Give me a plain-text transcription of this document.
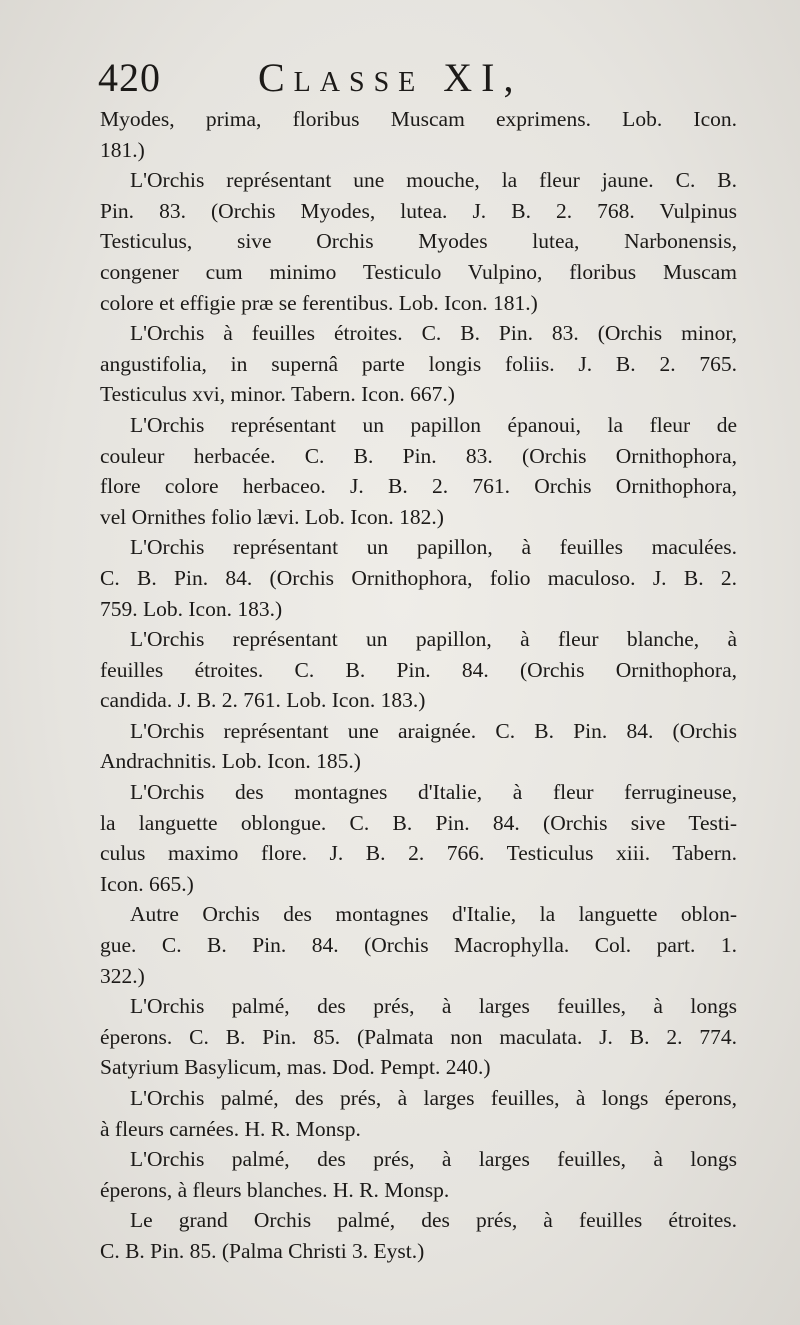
420 Classe XI,
Myodes, prima, floribus Muscam exprimens. Lob. Icon.
181.)
L'Orchis représentant une mouche, la fleur jaune. C. B.
Pin. 83. (Orchis Myodes, lutea. J. B. 2. 768. Vulpinus
Testiculus, sive Orchis Myodes lutea, Narbonensis,
congener cum minimo Testiculo Vulpino, floribus Muscam
colore et effigie præ se ferentibus. Lob. Icon. 181.)
L'Orchis à feuilles étroites. C. B. Pin. 83. (Orchis minor,
angustifolia, in supernâ parte longis foliis. J. B. 2. 765.
Testiculus xvi, minor. Tabern. Icon. 667.)
L'Orchis représentant un papillon épanoui, la fleur de
couleur herbacée. C. B. Pin. 83. (Orchis Ornithophora,
flore colore herbaceo. J. B. 2. 761. Orchis Ornithophora,
vel Ornithes folio lævi. Lob. Icon. 182.)
L'Orchis représentant un papillon, à feuilles maculées.
C. B. Pin. 84. (Orchis Ornithophora, folio maculoso. J. B. 2.
759. Lob. Icon. 183.)
L'Orchis représentant un papillon, à fleur blanche, à
feuilles étroites. C. B. Pin. 84. (Orchis Ornithophora,
candida. J. B. 2. 761. Lob. Icon. 183.)
L'Orchis représentant une araignée. C. B. Pin. 84. (Orchis
Andrachnitis. Lob. Icon. 185.)
L'Orchis des montagnes d'Italie, à fleur ferrugineuse,
la languette oblongue. C. B. Pin. 84. (Orchis sive Testi-
culus maximo flore. J. B. 2. 766. Testiculus xiii. Tabern.
Icon. 665.)
Autre Orchis des montagnes d'Italie, la languette oblon-
gue. C. B. Pin. 84. (Orchis Macrophylla. Col. part. 1.
322.)
L'Orchis palmé, des prés, à larges feuilles, à longs
éperons. C. B. Pin. 85. (Palmata non maculata. J. B. 2. 774.
Satyrium Basylicum, mas. Dod. Pempt. 240.)
L'Orchis palmé, des prés, à larges feuilles, à longs éperons,
à fleurs carnées. H. R. Monsp.
L'Orchis palmé, des prés, à larges feuilles, à longs
éperons, à fleurs blanches. H. R. Monsp.
Le grand Orchis palmé, des prés, à feuilles étroites.
C. B. Pin. 85. (Palma Christi 3. Eyst.)
